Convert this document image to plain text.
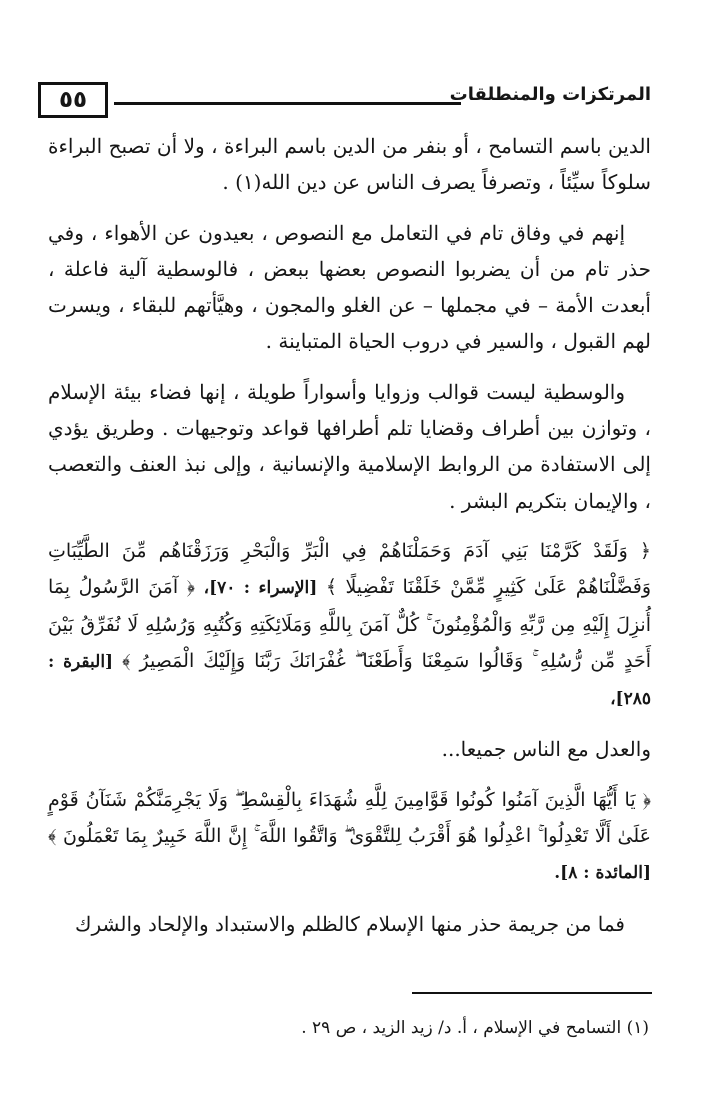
٥٥	المرتكزات والمنطلقات

الدين باسم التسامح ، أو بنفر من الدين باسم البراءة ، ولا أن تصبح البراءة سلوكاً سيِّئاً ، وتصرفاً يصرف الناس عن دين الله(١) .

إنهم في وفاق تام في التعامل مع النصوص ، بعيدون عن الأهواء ، وفي حذر تام من أن يضربوا النصوص بعضها ببعض ، فالوسطية آلية فاعلة ، أبعدت الأمة – في مجملها – عن الغلو والمجون ، وهيَّأتهم للبقاء ، ويسرت لهم القبول ، والسير في دروب الحياة المتباينة .

والوسطية ليست قوالب وزوايا وأسواراً طويلة ، إنها فضاء بيئة الإسلام ، وتوازن بين أطراف وقضايا تلم أطرافها قواعد وتوجيهات . وطريق يؤدي إلى الاستفادة من الروابط الإسلامية والإنسانية ، وإلى نبذ العنف والتعصب ، والإيمان بتكريم البشر .

﴿ وَلَقَدْ كَرَّمْنَا بَنِي آدَمَ وَحَمَلْنَاهُمْ فِي الْبَرِّ وَالْبَحْرِ وَرَزَقْنَاهُم مِّنَ الطَّيِّبَاتِ وَفَضَّلْنَاهُمْ عَلَىٰ كَثِيرٍ مِّمَّنْ خَلَقْنَا تَفْضِيلًا ﴾ [الإسراء : ٧٠]، ﴿ آمَنَ الرَّسُولُ بِمَا أُنزِلَ إِلَيْهِ مِن رَّبِّهِ وَالْمُؤْمِنُونَ ۚ كُلٌّ آمَنَ بِاللَّهِ وَمَلَائِكَتِهِ وَكُتُبِهِ وَرُسُلِهِ لَا نُفَرِّقُ بَيْنَ أَحَدٍ مِّن رُّسُلِهِ ۚ وَقَالُوا سَمِعْنَا وَأَطَعْنَا ۖ غُفْرَانَكَ رَبَّنَا وَإِلَيْكَ الْمَصِيرُ ﴾ [البقرة : ٢٨٥]،

والعدل مع الناس جميعا...

﴿ يَا أَيُّهَا الَّذِينَ آمَنُوا كُونُوا قَوَّامِينَ لِلَّهِ شُهَدَاءَ بِالْقِسْطِ ۖ وَلَا يَجْرِمَنَّكُمْ شَنَآنُ قَوْمٍ عَلَىٰ أَلَّا تَعْدِلُوا ۚ اعْدِلُوا هُوَ أَقْرَبُ لِلتَّقْوَىٰ ۖ وَاتَّقُوا اللَّهَ ۚ إِنَّ اللَّهَ خَبِيرٌ بِمَا تَعْمَلُونَ ﴾ [المائدة : ٨].

فما من جريمة حذر منها الإسلام كالظلم والاستبداد والإلحاد والشرك

(١) التسامح في الإسلام ، أ. د/ زيد الزيد ، ص ٢٩ .
